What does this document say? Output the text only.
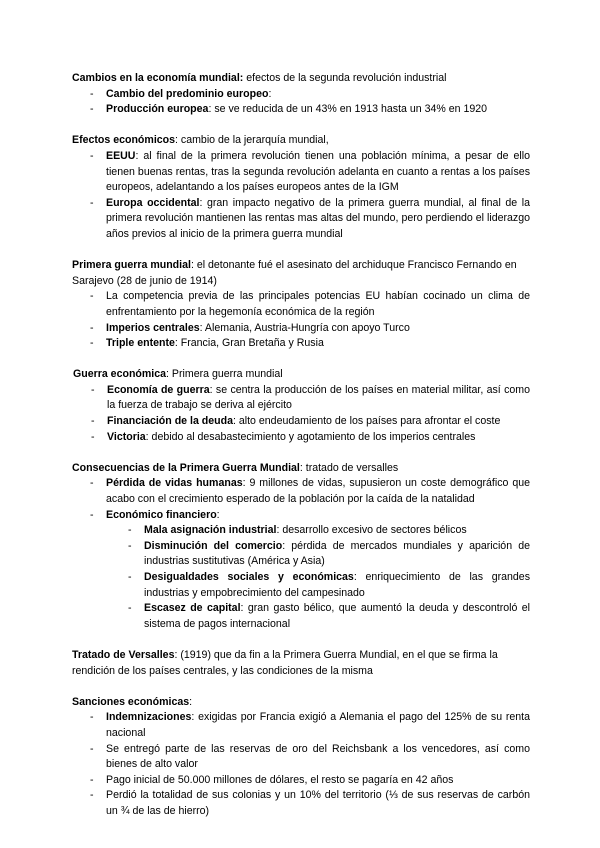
Cambios en la economía mundial: efectos de la segunda revolución industrial

- Cambio del predominio europeo:
- Producción europea: se ve reducida de un 43% en 1913 hasta un 34% en 1920

Efectos económicos: cambio de la jerarquía mundial,

- EEUU: al final de la primera revolución tienen una población mínima, a pesar de ello tienen buenas rentas, tras la segunda revolución adelanta en cuanto a rentas a los países europeos, adelantando a los países europeos antes de la IGM
- Europa occidental: gran impacto negativo de la primera guerra mundial, al final de la primera revolución mantienen las rentas mas altas del mundo, pero perdiendo el liderazgo años previos al inicio de la primera guerra mundial

Primera guerra mundial: el detonante fué el asesinato del archiduque Francisco Fernando en Sarajevo (28 de junio de 1914)

- La competencia previa de las principales potencias EU habían cocinado un clima de enfrentamiento por la hegemonía económica de la región
- Imperios centrales: Alemania, Austria-Hungría con apoyo Turco
- Triple entente: Francia, Gran Bretaña y Rusia

Guerra económica: Primera guerra mundial

- Economía de guerra: se centra la producción de los países en material militar, así como la fuerza de trabajo se deriva al ejército
- Financiación de la deuda: alto endeudamiento de los países para afrontar el coste
- Victoria: debido al desabastecimiento y agotamiento de los imperios centrales

Consecuencias de la Primera Guerra Mundial: tratado de versalles

- Pérdida de vidas humanas: 9 millones de vidas, supusieron un coste demográfico que acabo con el crecimiento esperado de la población por la caída de la natalidad
- Económico financiero:
- Mala asignación industrial: desarrollo excesivo de sectores bélicos
- Disminución del comercio: pérdida de mercados mundiales y aparición de industrias sustitutivas (América y Asia)
- Desigualdades sociales y económicas: enriquecimiento de las grandes industrias y empobrecimiento del campesinado
- Escasez de capital: gran gasto bélico, que aumentó la deuda y descontroló el sistema de pagos internacional

Tratado de Versalles: (1919) que da fin a la Primera Guerra Mundial, en el que se firma la rendición de los países centrales, y las condiciones de la misma

Sanciones económicas:

- Indemnizaciones: exigidas por Francia exigió a Alemania el pago del 125% de su renta nacional
- Se entregó parte de las reservas de oro del Reichsbank a los vencedores, así como bienes de alto valor
- Pago inicial de 50.000 millones de dólares, el resto se pagaría en 42 años
- Perdió la totalidad de sus colonias y un 10% del territorio (⅓ de sus reservas de carbón un ¾ de las de hierro)
